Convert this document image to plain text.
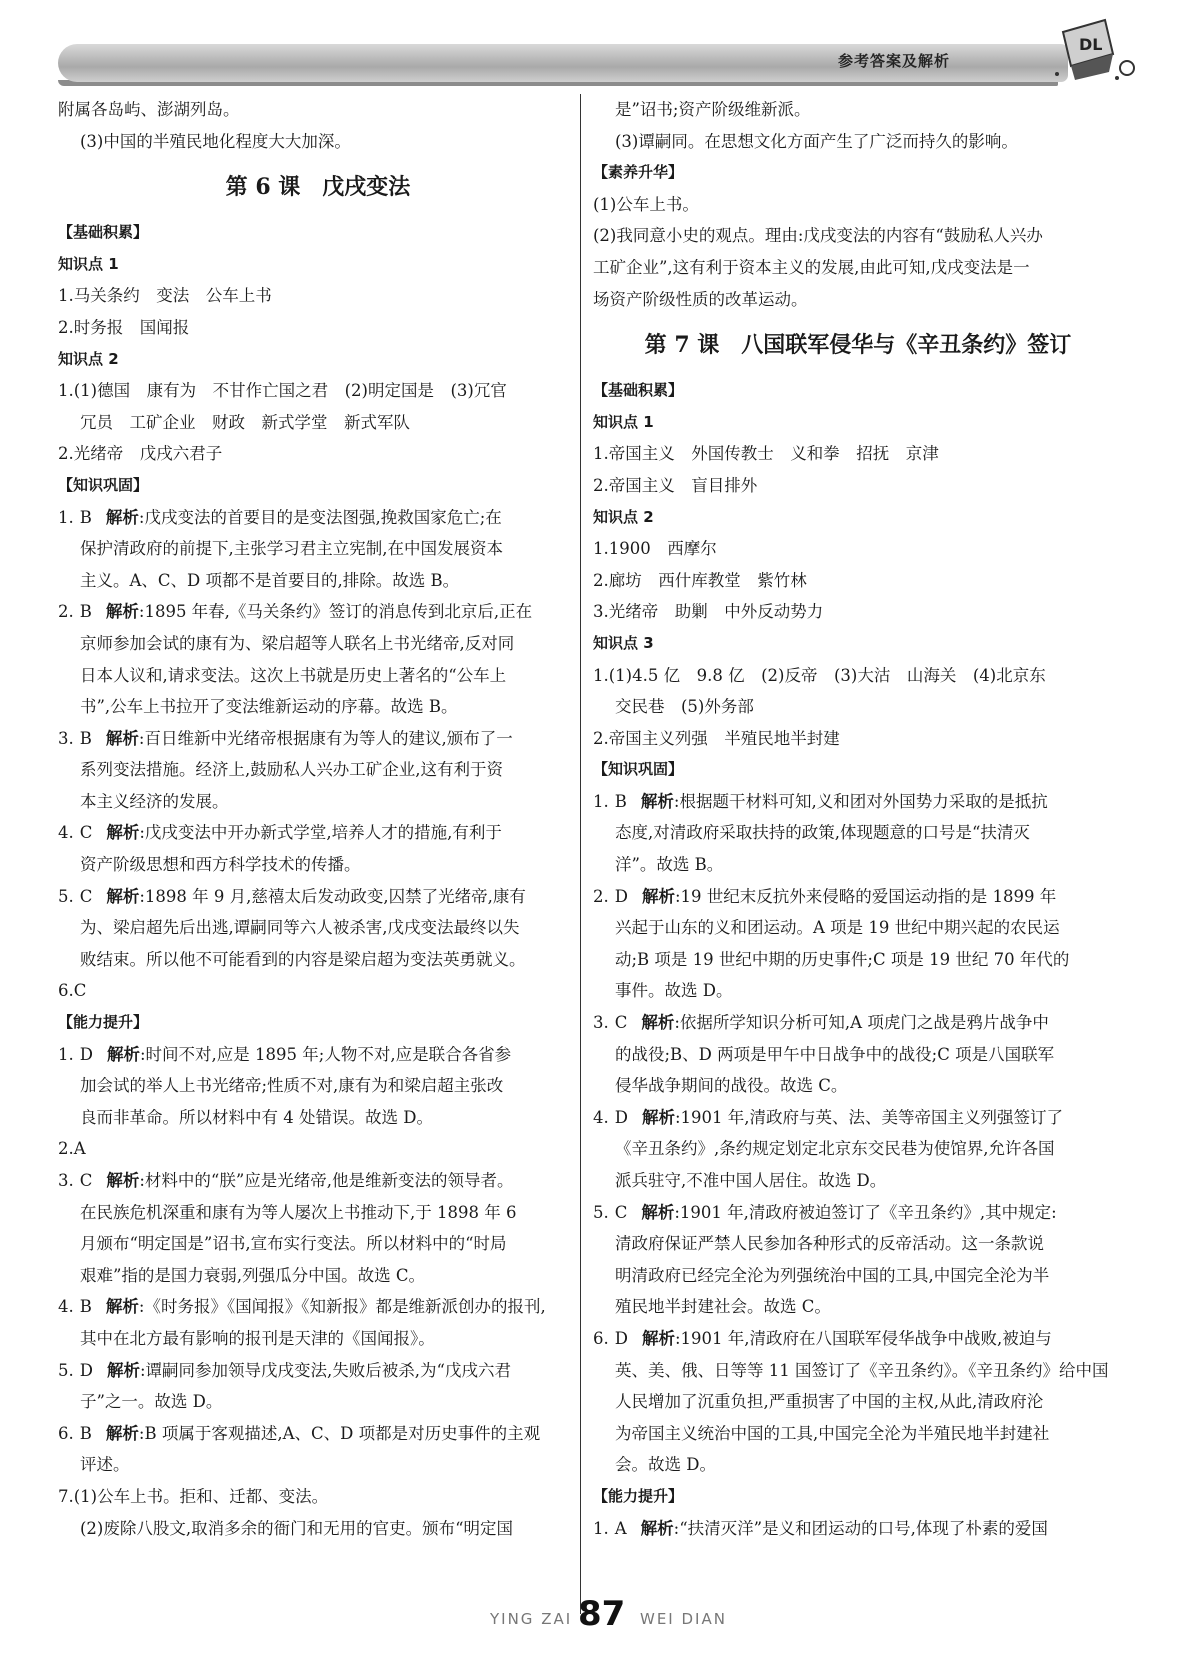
参考答案及解析
DL
附属各岛屿、澎湖列岛。
(3)中国的半殖民地化程度大大加深。
第 6 课　戊戌变法
【基础积累】
知识点 1
1.马关条约　变法　公车上书
2.时务报　国闻报
知识点 2
1.(1)德国　康有为　不甘作亡国之君　(2)明定国是　(3)冗官
冗员　工矿企业　财政　新式学堂　新式军队
2.光绪帝　戊戌六君子
【知识巩固】
1. B 解析:戊戌变法的首要目的是变法图强,挽救国家危亡;在
保护清政府的前提下,主张学习君主立宪制,在中国发展资本
主义。A、C、D 项都不是首要目的,排除。故选 B。
2. B 解析:1895 年春,《马关条约》签订的消息传到北京后,正在
京师参加会试的康有为、梁启超等人联名上书光绪帝,反对同
日本人议和,请求变法。这次上书就是历史上著名的“公车上
书”,公车上书拉开了变法维新运动的序幕。故选 B。
3. B 解析:百日维新中光绪帝根据康有为等人的建议,颁布了一
系列变法措施。经济上,鼓励私人兴办工矿企业,这有利于资
本主义经济的发展。
4. C 解析:戊戌变法中开办新式学堂,培养人才的措施,有利于
资产阶级思想和西方科学技术的传播。
5. C 解析:1898 年 9 月,慈禧太后发动政变,囚禁了光绪帝,康有
为、梁启超先后出逃,谭嗣同等六人被杀害,戊戌变法最终以失
败结束。所以他不可能看到的内容是梁启超为变法英勇就义。
6.C
【能力提升】
1. D 解析:时间不对,应是 1895 年;人物不对,应是联合各省参
加会试的举人上书光绪帝;性质不对,康有为和梁启超主张改
良而非革命。所以材料中有 4 处错误。故选 D。
2.A
3. C 解析:材料中的“朕”应是光绪帝,他是维新变法的领导者。
在民族危机深重和康有为等人屡次上书推动下,于 1898 年 6
月颁布“明定国是”诏书,宣布实行变法。所以材料中的“时局
艰难”指的是国力衰弱,列强瓜分中国。故选 C。
4. B 解析:《时务报》《国闻报》《知新报》都是维新派创办的报刊,
其中在北方最有影响的报刊是天津的《国闻报》。
5. D 解析:谭嗣同参加领导戊戌变法,失败后被杀,为“戊戌六君
子”之一。故选 D。
6. B 解析:B 项属于客观描述,A、C、D 项都是对历史事件的主观
评述。
7.(1)公车上书。拒和、迁都、变法。
(2)废除八股文,取消多余的衙门和无用的官吏。颁布“明定国
是”诏书;资产阶级维新派。
(3)谭嗣同。在思想文化方面产生了广泛而持久的影响。
【素养升华】
(1)公车上书。
(2)我同意小史的观点。理由:戊戌变法的内容有“鼓励私人兴办
工矿企业”,这有利于资本主义的发展,由此可知,戊戌变法是一
场资产阶级性质的改革运动。
第 7 课　八国联军侵华与《辛丑条约》签订
【基础积累】
知识点 1
1.帝国主义　外国传教士　义和拳　招抚　京津
2.帝国主义　盲目排外
知识点 2
1.1900　西摩尔
2.廊坊　西什库教堂　紫竹林
3.光绪帝　助剿　中外反动势力
知识点 3
1.(1)4.5 亿　9.8 亿　(2)反帝　(3)大沽　山海关　(4)北京东
交民巷　(5)外务部
2.帝国主义列强　半殖民地半封建
【知识巩固】
1. B 解析:根据题干材料可知,义和团对外国势力采取的是抵抗
态度,对清政府采取扶持的政策,体现题意的口号是“扶清灭
洋”。故选 B。
2. D 解析:19 世纪末反抗外来侵略的爱国运动指的是 1899 年
兴起于山东的义和团运动。A 项是 19 世纪中期兴起的农民运
动;B 项是 19 世纪中期的历史事件;C 项是 19 世纪 70 年代的
事件。故选 D。
3. C 解析:依据所学知识分析可知,A 项虎门之战是鸦片战争中
的战役;B、D 两项是甲午中日战争中的战役;C 项是八国联军
侵华战争期间的战役。故选 C。
4. D 解析:1901 年,清政府与英、法、美等帝国主义列强签订了
《辛丑条约》,条约规定划定北京东交民巷为使馆界,允许各国
派兵驻守,不准中国人居住。故选 D。
5. C 解析:1901 年,清政府被迫签订了《辛丑条约》,其中规定:
清政府保证严禁人民参加各种形式的反帝活动。这一条款说
明清政府已经完全沦为列强统治中国的工具,中国完全沦为半
殖民地半封建社会。故选 C。
6. D 解析:1901 年,清政府在八国联军侵华战争中战败,被迫与
英、美、俄、日等等 11 国签订了《辛丑条约》。《辛丑条约》给中国
人民增加了沉重负担,严重损害了中国的主权,从此,清政府沦
为帝国主义统治中国的工具,中国完全沦为半殖民地半封建社
会。故选 D。
【能力提升】
1. A 解析:“扶清灭洋”是义和团运动的口号,体现了朴素的爱国
YING ZAI 87 WEI DIAN
